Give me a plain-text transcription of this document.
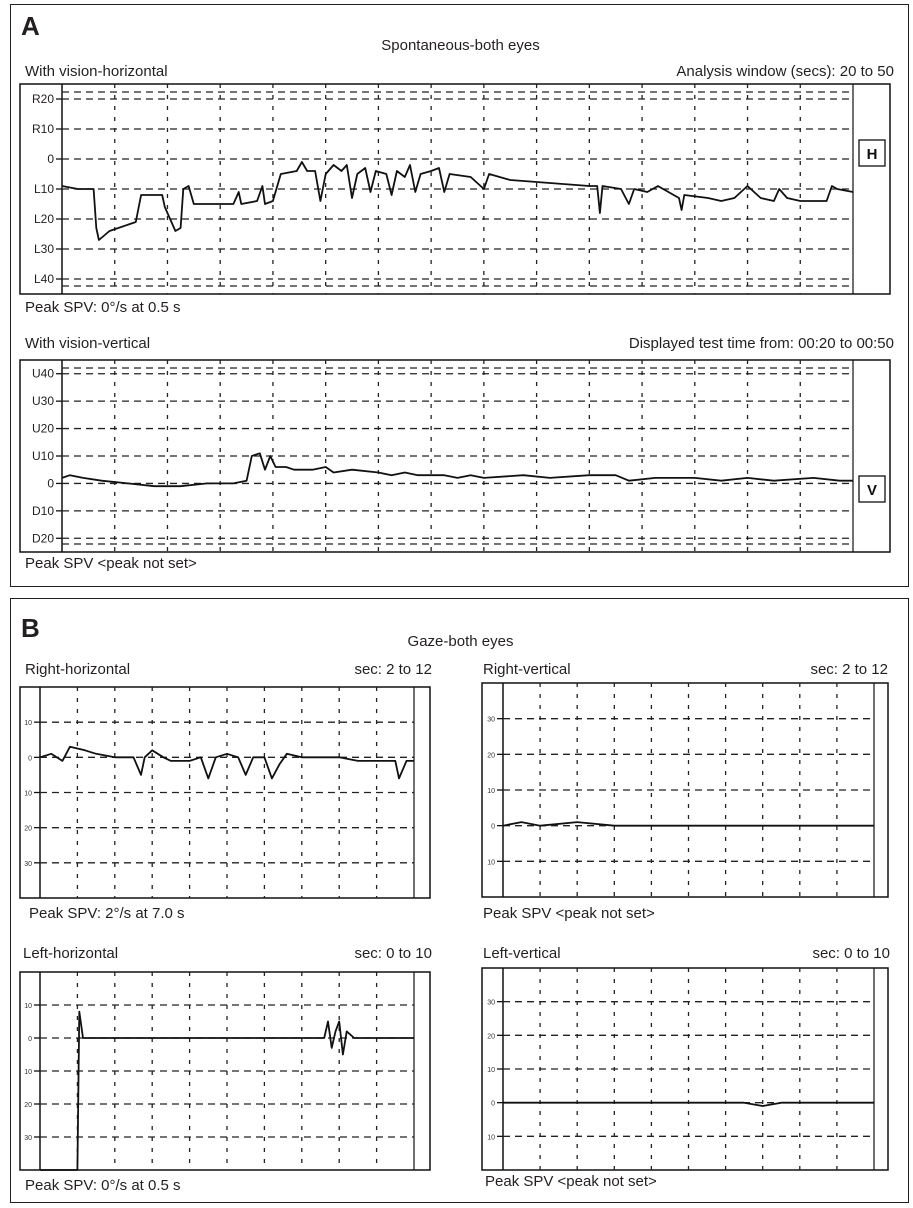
A
Spontaneous-both eyes
With vision-horizontal	Analysis window (secs): 20 to 50
Peak SPV: 0°/s at 0.5 s
With vision-vertical	Displayed test time from: 00:20 to 00:50
Peak SPV <peak not set>
B	Gaze-both eyes
Right-horizontal	sec: 2 to 12
Peak SPV: 2°/s at 7.0 s
Right-vertical	sec: 2 to 12
Peak SPV <peak not set>
Left-horizontal	sec: 0 to 10
Peak SPV: 0°/s at 0.5 s
Left-vertical	sec: 0 to 10
Peak SPV <peak not set>
R20
R10
0
L10
L20
L30
L40
H
U40
U30
U20
U10
0
D10
D20
V
10
0
10
20
30
30
20
10
0
10
10
0
10
20
30
30
20
10
0
10
